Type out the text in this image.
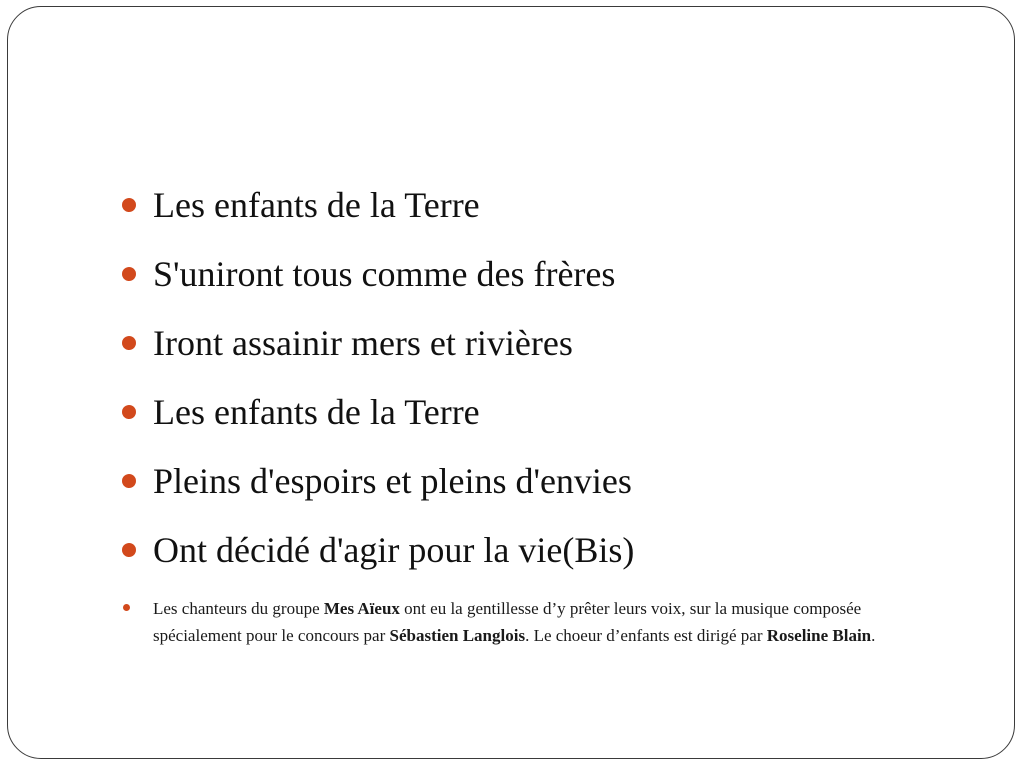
Les enfants de la Terre
S'uniront tous comme des frères
Iront assainir mers et rivières
Les enfants de la Terre
Pleins d'espoirs et pleins d'envies
Ont décidé d'agir pour la vie(Bis)
Les chanteurs du groupe Mes Aïeux ont eu la gentillesse d’y prêter leurs voix, sur la musique composée spécialement pour le concours par Sébastien Langlois. Le choeur d’enfants est dirigé par Roseline Blain.
